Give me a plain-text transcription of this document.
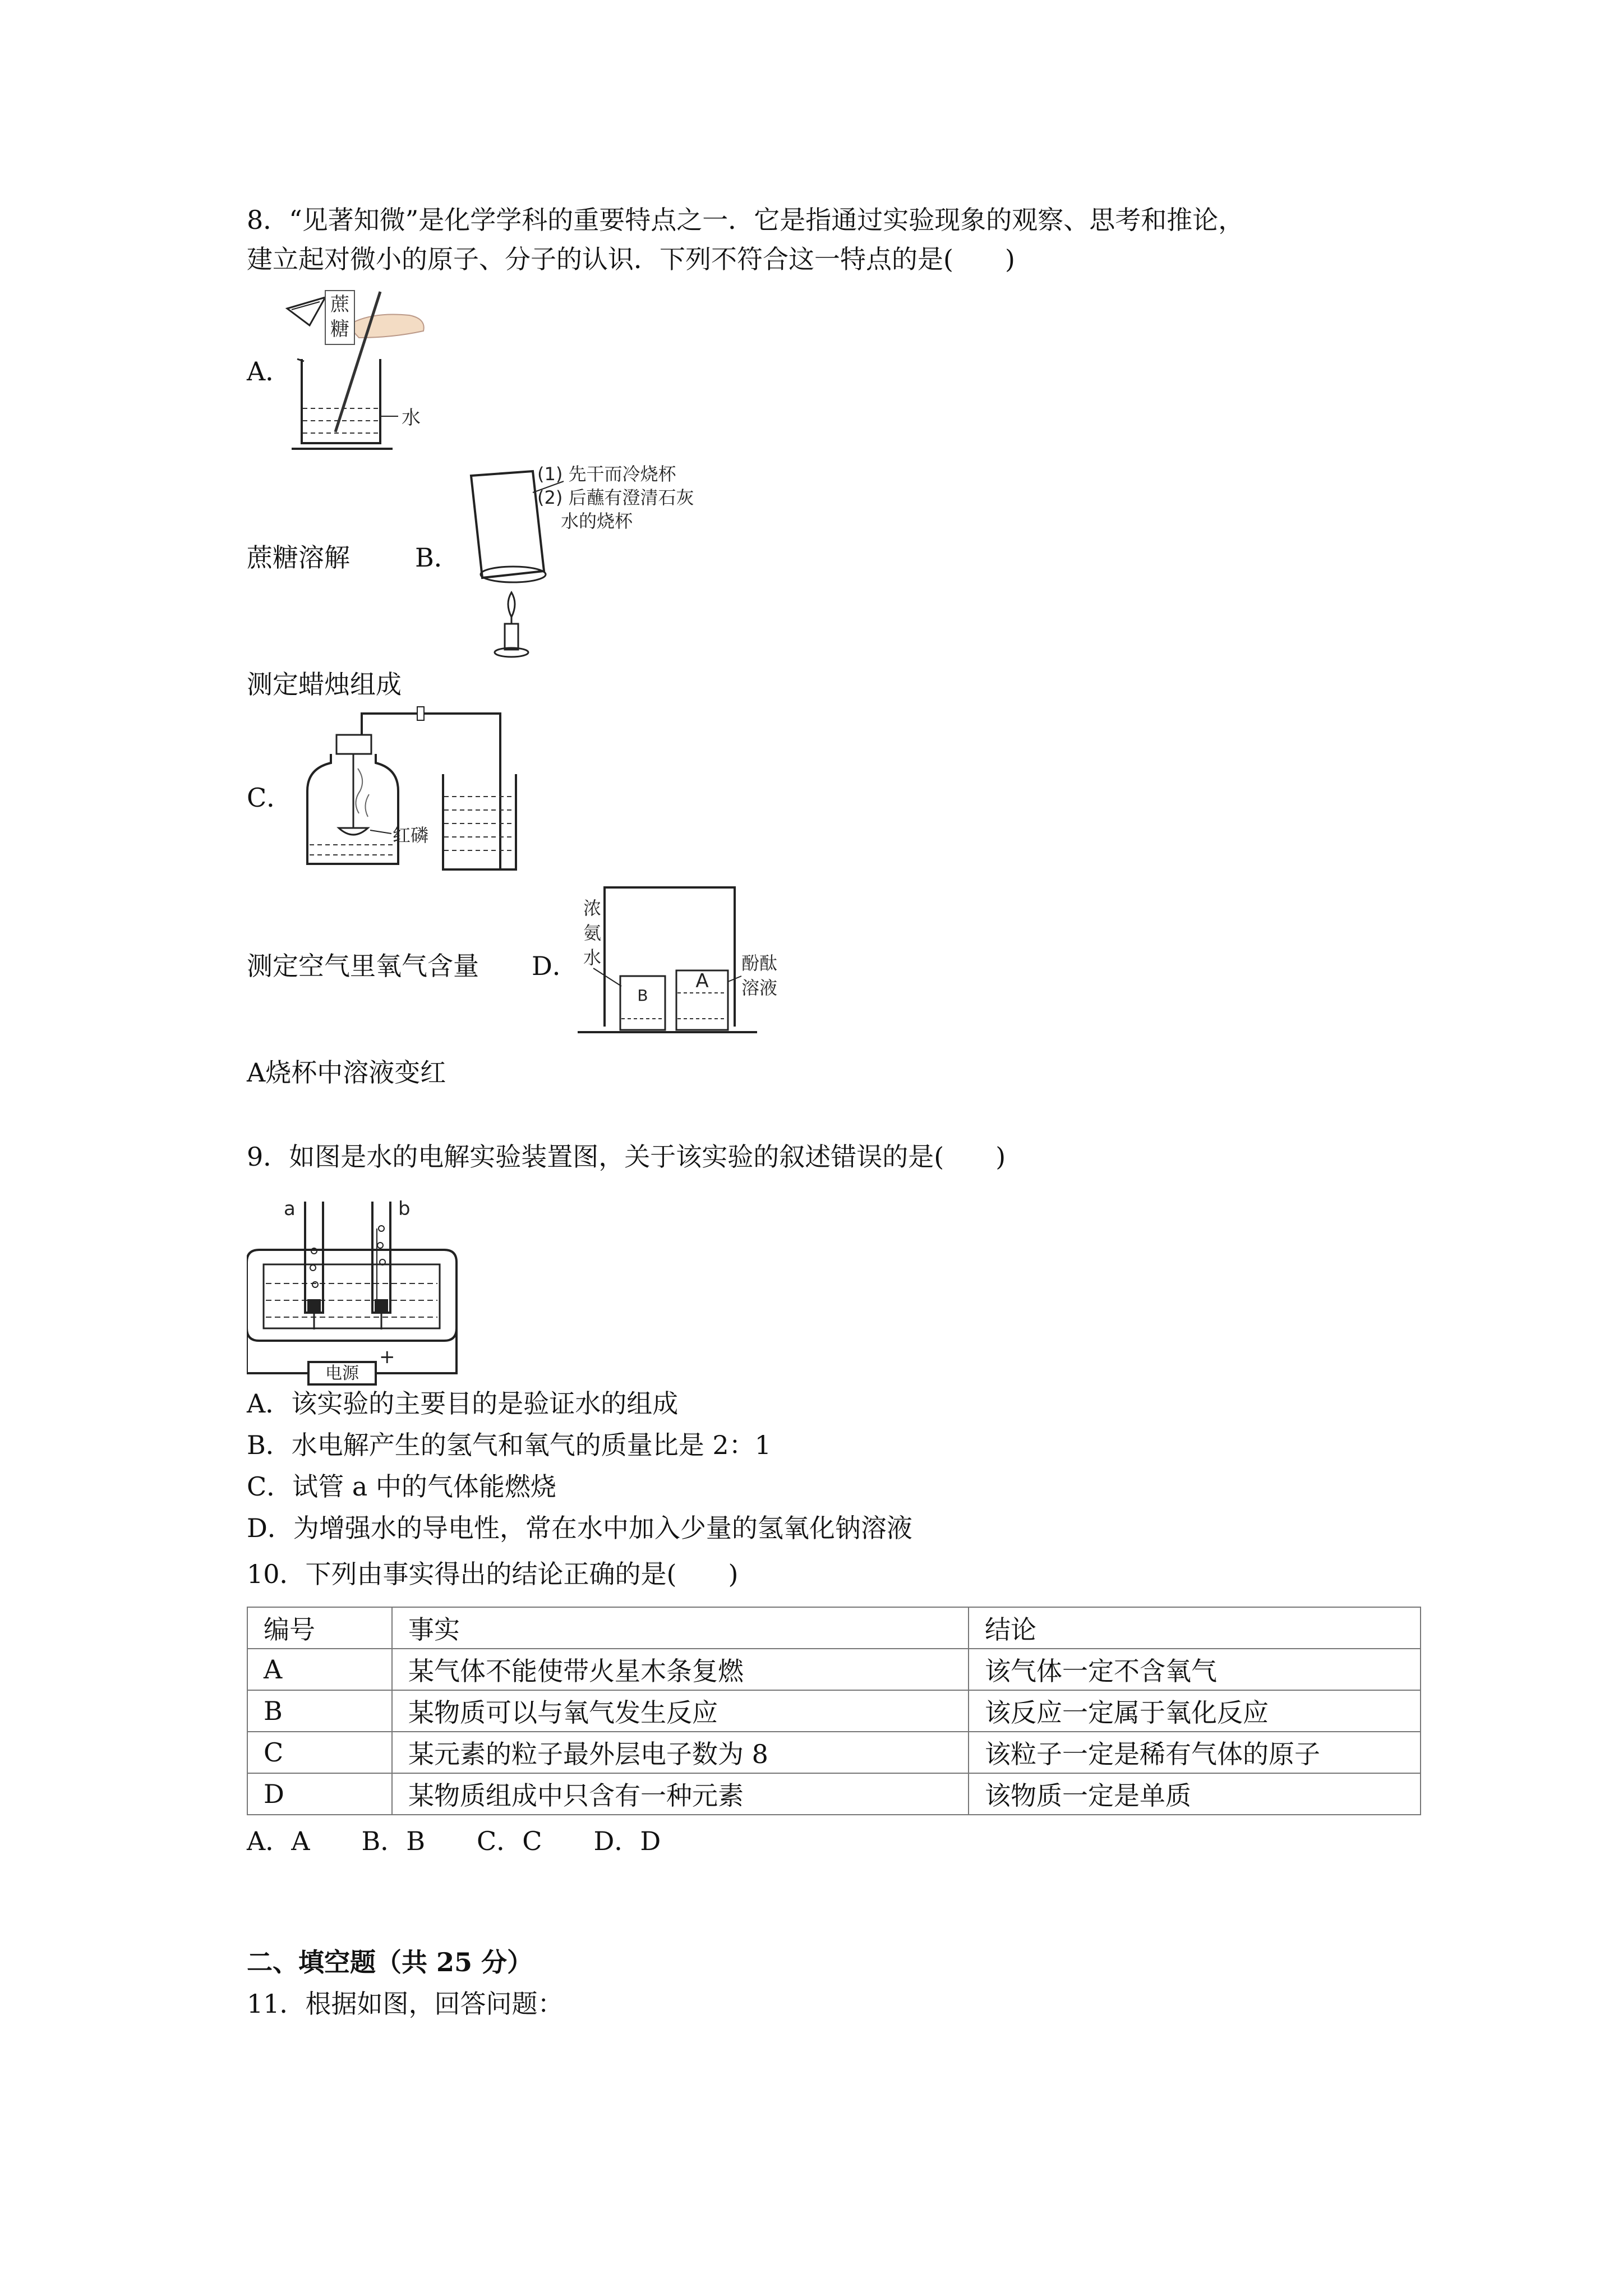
8．“见著知微”是化学学科的重要特点之一．它是指通过实验现象的观察、思考和推论，
建立起对微小的原子、分子的认识．下列不符合这一特点的是(　　)
A．
蔗
糖
水
蔗糖溶解	B．
(1) 先干而冷烧杯
(2) 后蘸有澄清石灰
水的烧杯
测定蜡烛组成
C．
红磷
测定空气里氧气含量 D．
B
A
浓
氨
水	酚酞
溶液
A烧杯中溶液变红
9．如图是水的电解实验装置图，关于该实验的叙述错误的是(　　)
a	b
电源
+
A．该实验的主要目的是验证水的组成
B．水电解产生的氢气和氧气的质量比是 2：1
C．试管 a 中的气体能燃烧
D．为增强水的导电性，常在水中加入少量的氢氧化钠溶液
10．下列由事实得出的结论正确的是(　　)
编号	事实	结论
A	某气体不能使带火星木条复燃	该气体一定不含氧气
B	某物质可以与氧气发生反应	该反应一定属于氧化反应
C	某元素的粒子最外层电子数为 8	该粒子一定是稀有气体的原子
D	某物质组成中只含有一种元素	该物质一定是单质
A．A　　B．B　　C．C　　D．D
二、填空题（共 25 分）
11．根据如图，回答问题：
